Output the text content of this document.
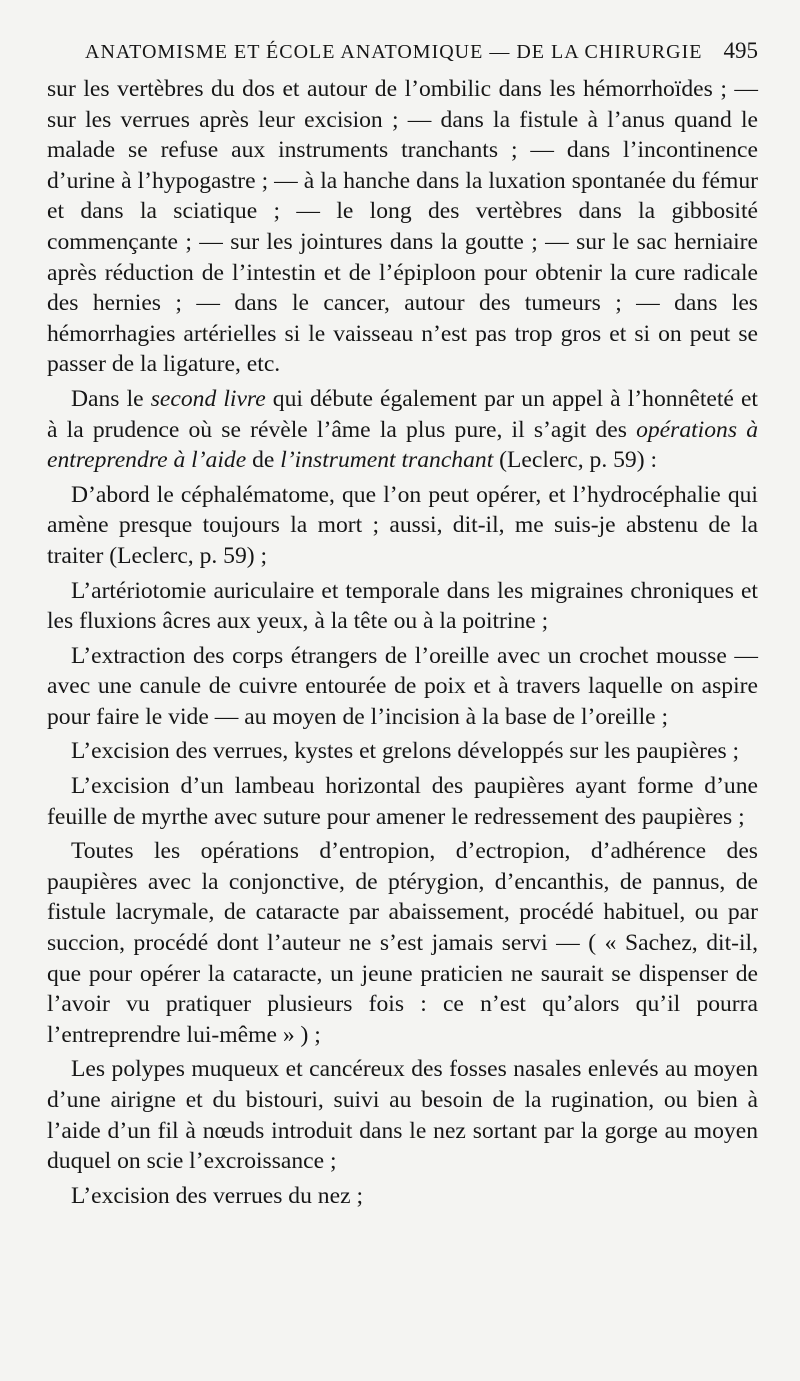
ANATOMISME ET ÉCOLE ANATOMIQUE — DE LA CHIRURGIE 495

sur les vertèbres du dos et autour de l’ombilic dans les hémorrhoïdes ; — sur les verrues après leur excision ; — dans la fistule à l’anus quand le malade se refuse aux instruments tranchants ; — dans l’incontinence d’urine à l’hypogastre ; — à la hanche dans la luxation spontanée du fémur et dans la sciatique ; — le long des vertèbres dans la gibbosité commençante ; — sur les jointures dans la goutte ; — sur le sac herniaire après réduction de l’intestin et de l’épiploon pour obtenir la cure radicale des hernies ; — dans le cancer, autour des tumeurs ; — dans les hémorrhagies artérielles si le vaisseau n’est pas trop gros et si on peut se passer de la ligature, etc.

Dans le second livre qui débute également par un appel à l’honnêteté et à la prudence où se révèle l’âme la plus pure, il s’agit des opérations à entreprendre à l’aide de l’instrument tranchant (Leclerc, p. 59) :

D’abord le céphalématome, que l’on peut opérer, et l’hydrocéphalie qui amène presque toujours la mort ; aussi, dit-il, me suis-je abstenu de la traiter (Leclerc, p. 59) ;

L’artériotomie auriculaire et temporale dans les migraines chroniques et les fluxions âcres aux yeux, à la tête ou à la poitrine ;

L’extraction des corps étrangers de l’oreille avec un crochet mousse — avec une canule de cuivre entourée de poix et à travers laquelle on aspire pour faire le vide — au moyen de l’incision à la base de l’oreille ;

L’excision des verrues, kystes et grelons développés sur les paupières ;

L’excision d’un lambeau horizontal des paupières ayant forme d’une feuille de myrthe avec suture pour amener le redressement des paupières ;

Toutes les opérations d’entropion, d’ectropion, d’adhérence des paupières avec la conjonctive, de ptérygion, d’encanthis, de pannus, de fistule lacrymale, de cataracte par abaissement, procédé habituel, ou par succion, procédé dont l’auteur ne s’est jamais servi — ( « Sachez, dit-il, que pour opérer la cataracte, un jeune praticien ne saurait se dispenser de l’avoir vu pratiquer plusieurs fois : ce n’est qu’alors qu’il pourra l’entreprendre lui-même » ) ;

Les polypes muqueux et cancéreux des fosses nasales enlevés au moyen d’une airigne et du bistouri, suivi au besoin de la rugination, ou bien à l’aide d’un fil à nœuds introduit dans le nez sortant par la gorge au moyen duquel on scie l’excroissance ;

L’excision des verrues du nez ;
